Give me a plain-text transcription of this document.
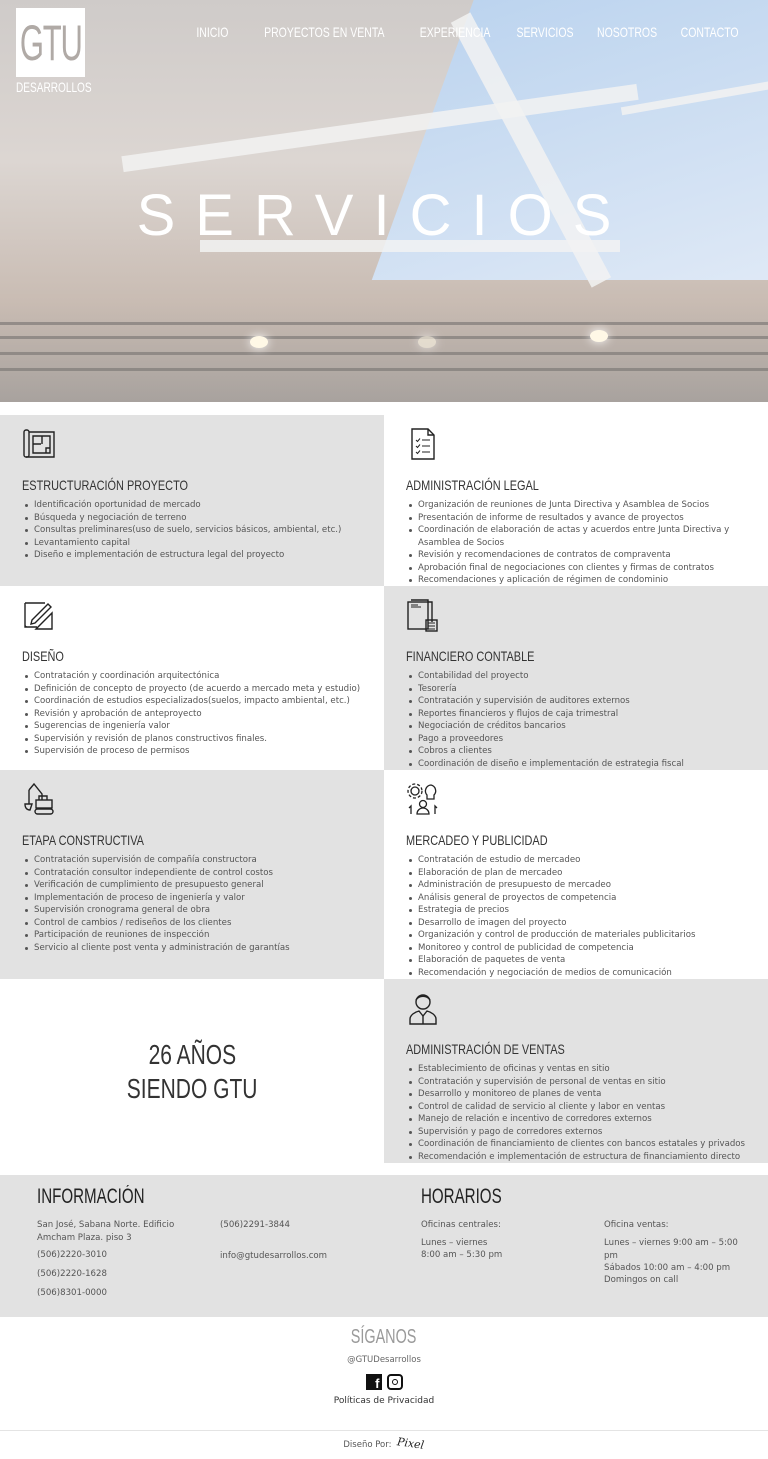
GTU
DESARROLLOS
INICIO	PROYECTOS EN VENTA	EXPERIENCIA SERVICIOS NOSOTROS CONTACTO
SERVICIOS

ESTRUCTURACIÓN PROYECTO
Identificación oportunidad de mercado
Búsqueda y negociación de terreno
Consultas preliminares(uso de suelo, servicios básicos, ambiental, etc.)
Levantamiento capital
Diseño e implementación de estructura legal del proyecto

ADMINISTRACIÓN LEGAL
Organización de reuniones de Junta Directiva y Asamblea de Socios
Presentación de informe de resultados y avance de proyectos
Coordinación de elaboración de actas y acuerdos entre Junta Directiva y Asamblea de Socios
Revisión y recomendaciones de contratos de compraventa
Aprobación final de negociaciones con clientes y firmas de contratos
Recomendaciones y aplicación de régimen de condominio

DISEÑO
Contratación y coordinación arquitectónica
Definición de concepto de proyecto (de acuerdo a mercado meta y estudio)
Coordinación de estudios especializados(suelos, impacto ambiental, etc.)
Revisión y aprobación de anteproyecto
Sugerencias de ingeniería valor
Supervisión y revisión de planos constructivos finales.
Supervisión de proceso de permisos

FINANCIERO CONTABLE
Contabilidad del proyecto
Tesorería
Contratación y supervisión de auditores externos
Reportes financieros y flujos de caja trimestral
Negociación de créditos bancarios
Pago a proveedores
Cobros a clientes
Coordinación de diseño e implementación de estrategia fiscal

ETAPA CONSTRUCTIVA
Contratación supervisión de compañía constructora
Contratación consultor independiente de control costos
Verificación de cumplimiento de presupuesto general
Implementación de proceso de ingeniería y valor
Supervisión cronograma general de obra
Control de cambios / rediseños de los clientes
Participación de reuniones de inspección
Servicio al cliente post venta y administración de garantías

MERCADEO Y PUBLICIDAD
Contratación de estudio de mercadeo
Elaboración de plan de mercadeo
Administración de presupuesto de mercadeo
Análisis general de proyectos de competencia
Estrategia de precios
Desarrollo de imagen del proyecto
Organización y control de producción de materiales publicitarios
Monitoreo y control de publicidad de competencia
Elaboración de paquetes de venta
Recomendación y negociación de medios de comunicación
26 AÑOS
SIENDO GTU

ADMINISTRACIÓN DE VENTAS
Establecimiento de oficinas y ventas en sitio
Contratación y supervisión de personal de ventas en sitio
Desarrollo y monitoreo de planes de venta
Control de calidad de servicio al cliente y labor en ventas
Manejo de relación e incentivo de corredores externos
Supervisión y pago de corredores externos
Coordinación de financiamiento de clientes con bancos estatales y privados
Recomendación e implementación de estructura de financiamiento directo
INFORMACIÓN
San José, Sabana Norte. Edificio Amcham Plaza. piso 3
(506)2220-3010
(506)2220-1628
(506)8301-0000
(506)2291-3844
info@gtudesarrollos.com
HORARIOS
Oficinas centrales:
Lunes – viernes
8:00 am – 5:30 pm
Oficina ventas:
Lunes – viernes 9:00 am – 5:00 pm
Sábados 10:00 am – 4:00 pm
Domingos on call
SÍGANOS
@GTUDesarrollos
f
Políticas de Privacidad
Diseño Por: Pixel
